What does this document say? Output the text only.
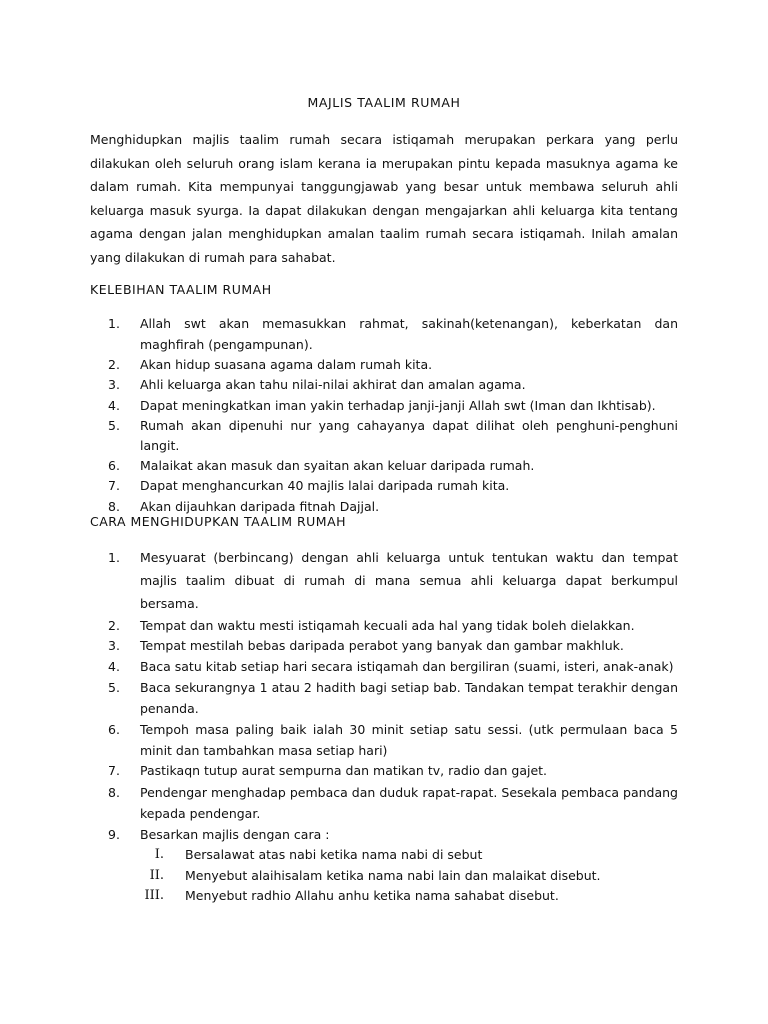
MAJLIS TAALIM RUMAH
Menghidupkan majlis taalim rumah secara istiqamah merupakan perkara yang perlu dilakukan oleh seluruh orang islam kerana ia merupakan pintu kepada masuknya agama ke dalam rumah. Kita mempunyai tanggungjawab yang besar untuk membawa seluruh ahli keluarga masuk syurga. Ia dapat dilakukan dengan mengajarkan ahli keluarga kita tentang agama dengan jalan menghidupkan amalan taalim rumah secara istiqamah. Inilah amalan yang dilakukan di rumah para sahabat.
KELEBIHAN TAALIM RUMAH
1.	Allah swt akan memasukkan rahmat, sakinah(ketenangan), keberkatan dan maghfirah (pengampunan).
2.	Akan hidup suasana agama dalam rumah kita.
3.	Ahli keluarga akan tahu nilai-nilai akhirat dan amalan agama.
4.	Dapat meningkatkan iman yakin terhadap janji-janji Allah swt (Iman dan Ikhtisab).
5.	Rumah akan dipenuhi nur yang cahayanya dapat dilihat oleh penghuni-penghuni langit.
6.	Malaikat akan masuk dan syaitan akan keluar daripada rumah.
7.	Dapat menghancurkan 40 majlis lalai daripada rumah kita.
8.	Akan dijauhkan daripada fitnah Dajjal.
CARA MENGHIDUPKAN TAALIM RUMAH
1.	Mesyuarat (berbincang) dengan ahli keluarga untuk tentukan waktu dan tempat majlis taalim dibuat di rumah di mana semua ahli keluarga dapat berkumpul bersama.
2.	Tempat dan waktu mesti istiqamah kecuali ada hal yang tidak boleh dielakkan.
3.	Tempat mestilah bebas daripada perabot yang banyak dan gambar makhluk.
4.	Baca satu kitab setiap hari secara istiqamah dan bergiliran (suami, isteri, anak-anak)
5.	Baca sekurangnya 1 atau 2 hadith bagi setiap bab. Tandakan tempat terakhir dengan penanda.
6.	Tempoh masa paling baik ialah 30 minit setiap satu sessi. (utk permulaan baca 5 minit dan tambahkan masa setiap hari)
7.	Pastikaqn tutup aurat sempurna dan matikan tv, radio dan gajet.
8.	Pendengar menghadap pembaca dan duduk rapat-rapat. Sesekala pembaca pandang kepada pendengar.
9.	Besarkan majlis dengan cara :
I. Bersalawat atas nabi ketika nama nabi di sebut
II. Menyebut alaihisalam ketika nama nabi lain dan malaikat disebut.
III. Menyebut radhio Allahu anhu ketika nama sahabat disebut.
